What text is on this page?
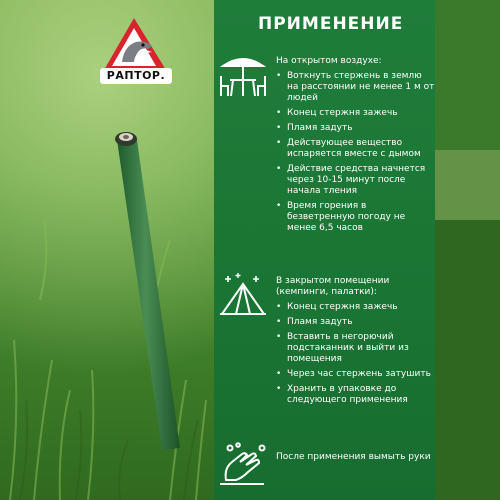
РАПТОР.
ПРИМЕНЕНИЕ
На открытом воздухе:
• Воткнуть стержень в землю на расстоянии не менее 1 м от людей
• Конец стержня зажечь
• Пламя задуть
• Действующее вещество испаряется вместе с дымом
• Действие средства начнется через 10-15 минут после начала тления
• Время горения в безветренную погоду не менее 6,5 часов
В закрытом помещении (кемпинги, палатки):
• Конец стержня зажечь
• Пламя задуть
• Вставить в негорючий подстаканник и выйти из помещения
• Через час стержень затушить
• Хранить в упаковке до следующего применения
После применения вымыть руки
